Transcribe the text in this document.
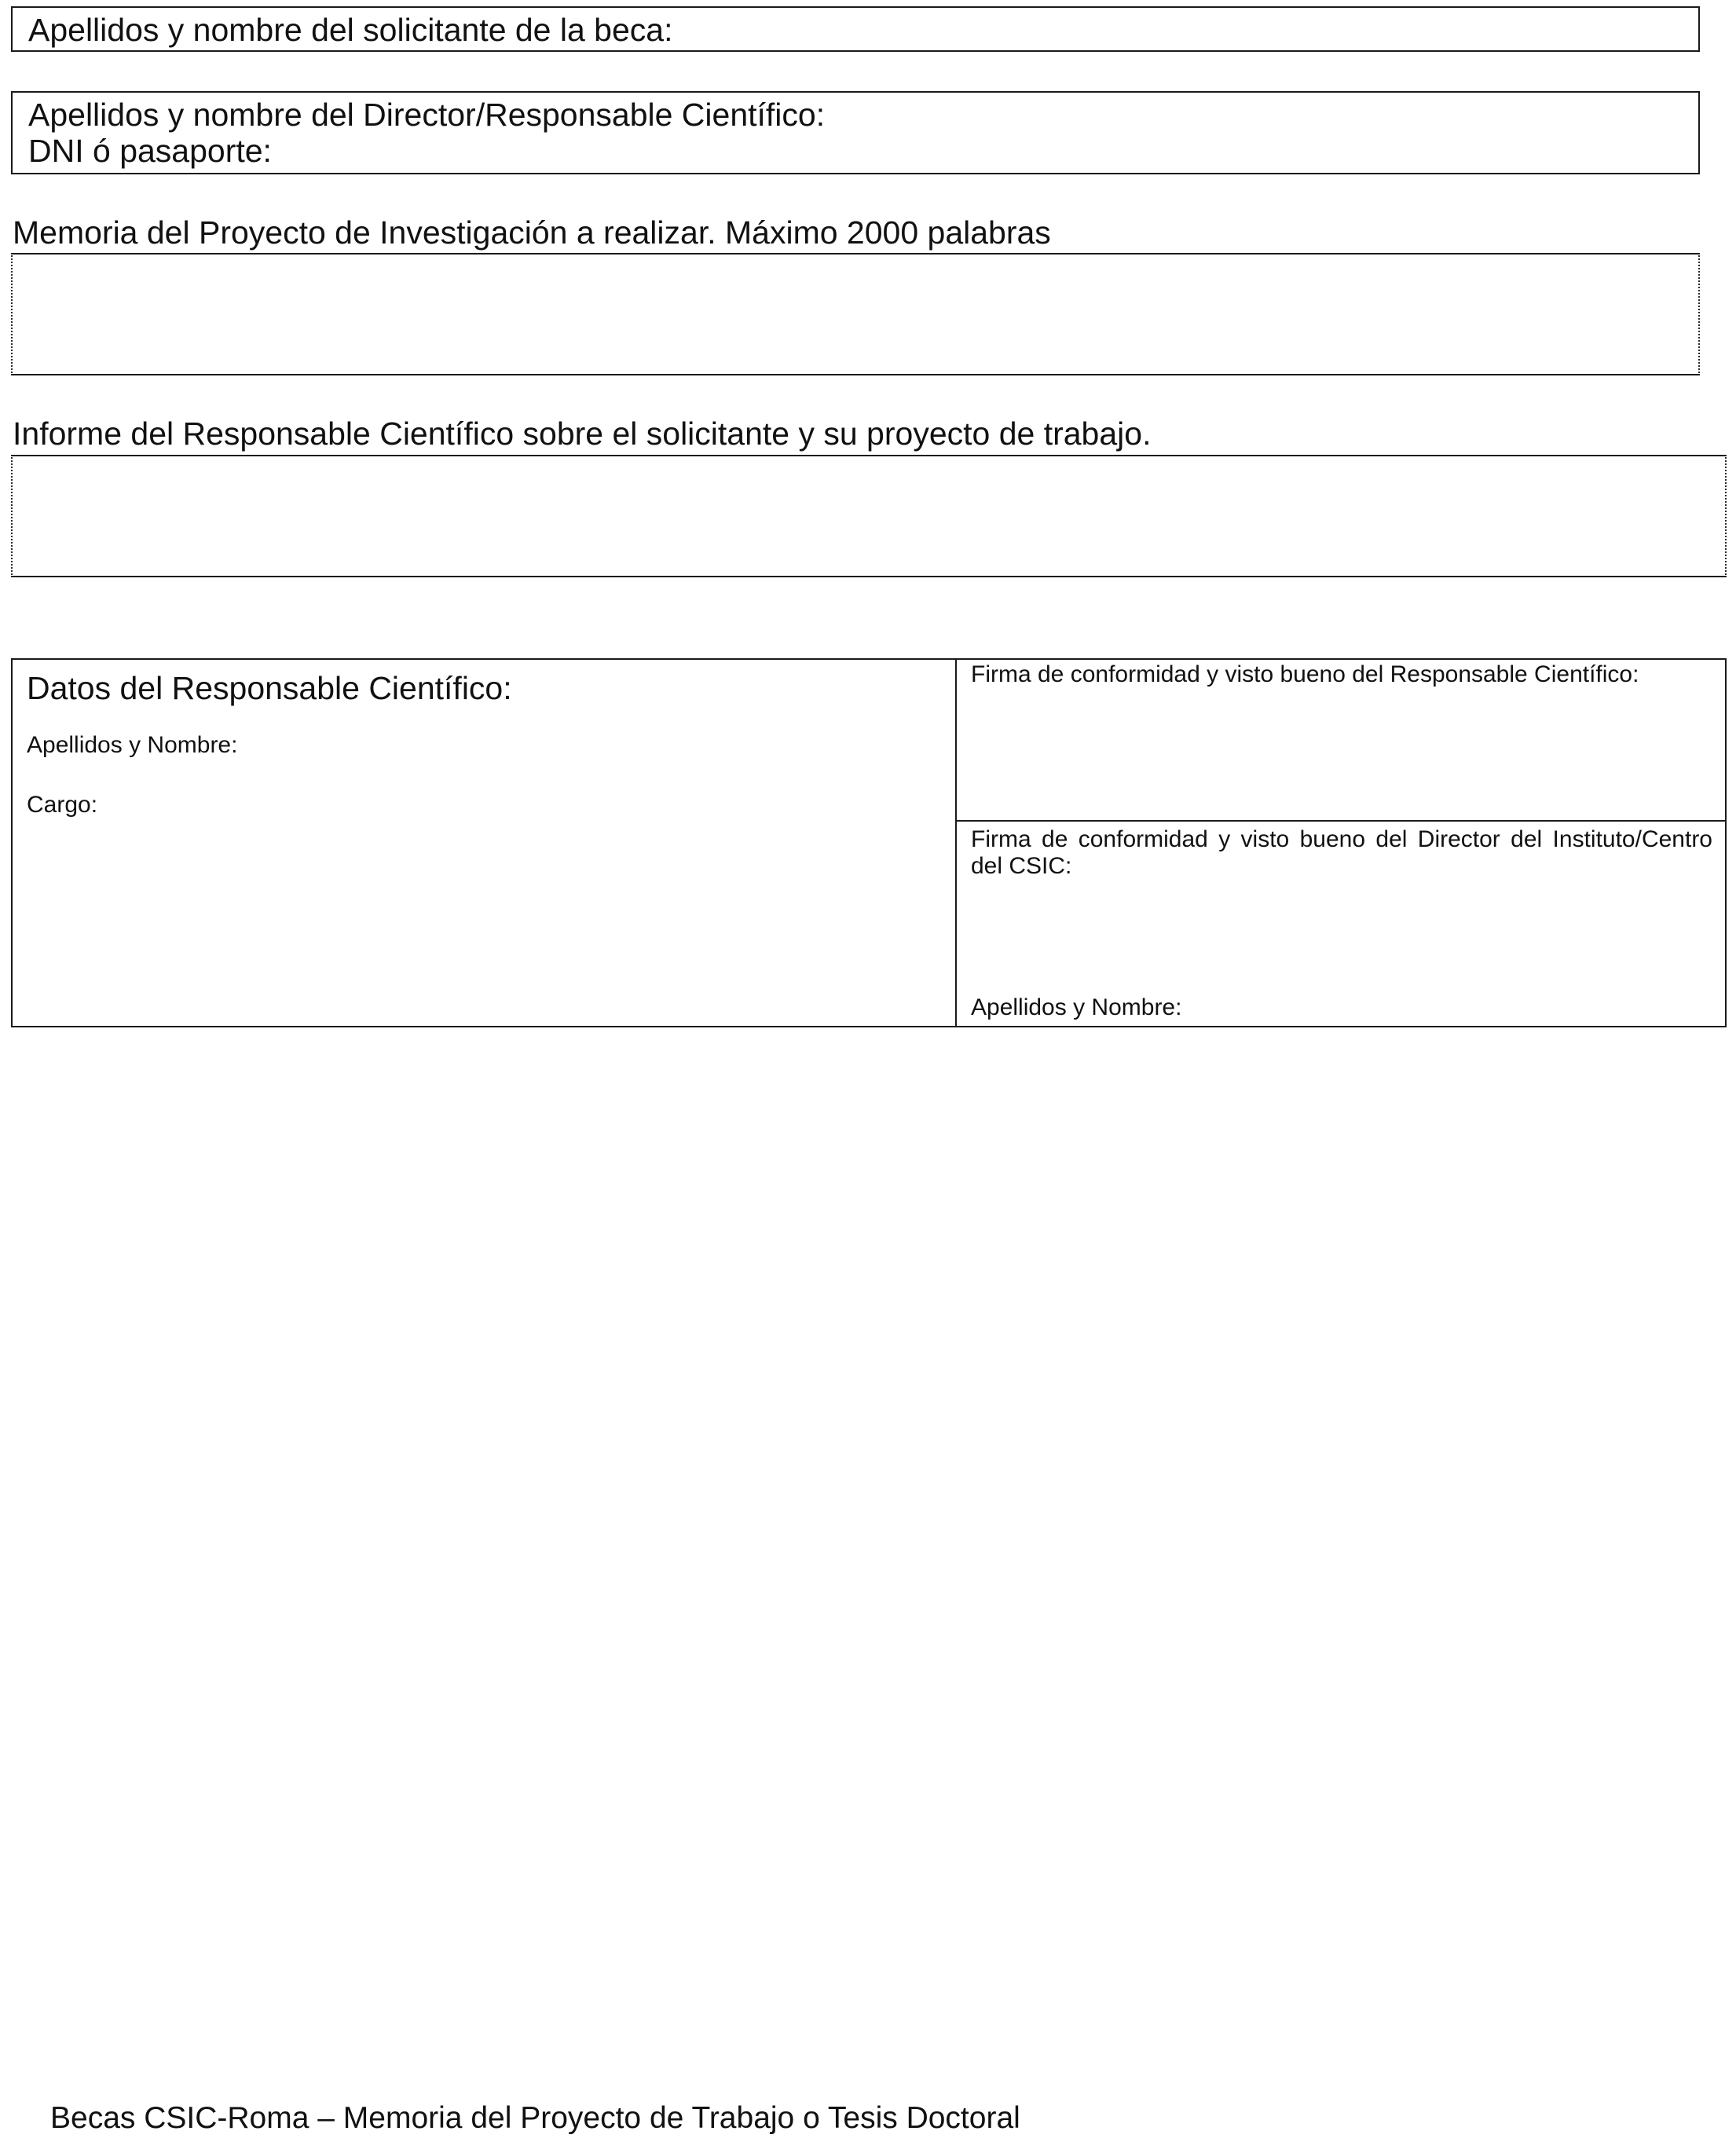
Apellidos y nombre del solicitante de la beca:
Apellidos y nombre del Director/Responsable Científico:
DNI ó pasaporte:
Memoria del Proyecto de Investigación a realizar. Máximo 2000 palabras
Informe del Responsable Científico sobre el solicitante y su proyecto de trabajo.
Datos del Responsable Científico:
Apellidos y Nombre:
Cargo:
Firma de conformidad y visto bueno del Responsable Científico:
Firma de conformidad y visto bueno del Director del Instituto/Centro del CSIC:
Apellidos y Nombre:
Becas CSIC-Roma – Memoria del Proyecto de Trabajo o Tesis Doctoral
